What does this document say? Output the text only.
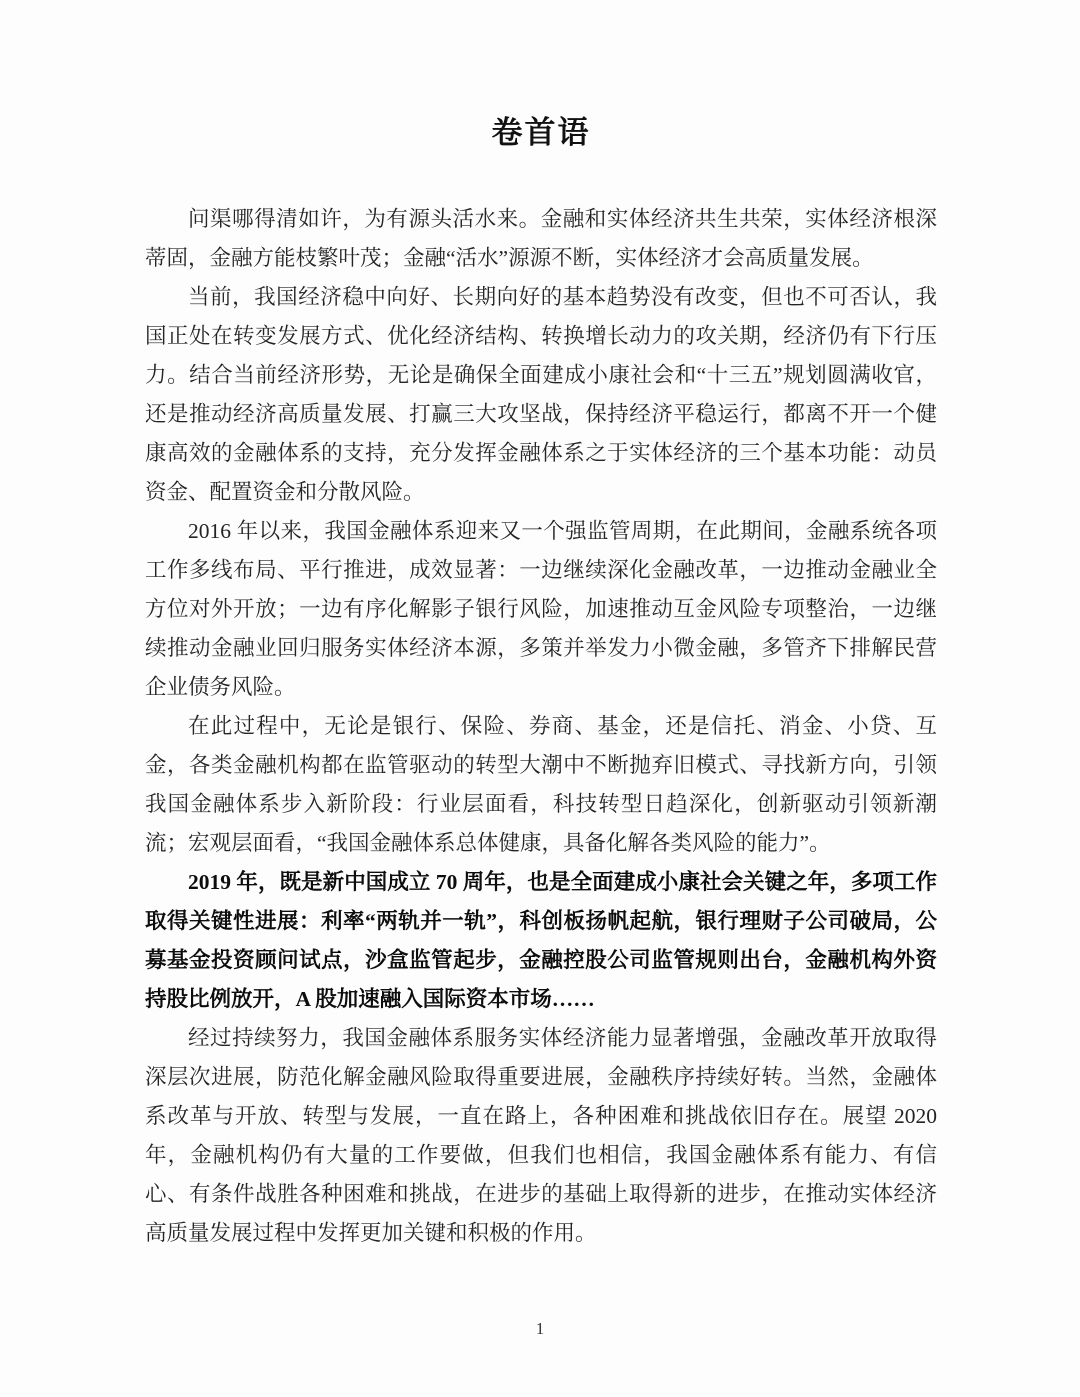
卷首语

问渠哪得清如许，为有源头活水来。金融和实体经济共生共荣，实体经济根深蒂固，金融方能枝繁叶茂；金融“活水”源源不断，实体经济才会高质量发展。

当前，我国经济稳中向好、长期向好的基本趋势没有改变，但也不可否认，我国正处在转变发展方式、优化经济结构、转换增长动力的攻关期，经济仍有下行压力。结合当前经济形势，无论是确保全面建成小康社会和“十三五”规划圆满收官，还是推动经济高质量发展、打赢三大攻坚战，保持经济平稳运行，都离不开一个健康高效的金融体系的支持，充分发挥金融体系之于实体经济的三个基本功能：动员资金、配置资金和分散风险。

2016 年以来，我国金融体系迎来又一个强监管周期，在此期间，金融系统各项工作多线布局、平行推进，成效显著：一边继续深化金融改革，一边推动金融业全方位对外开放；一边有序化解影子银行风险，加速推动互金风险专项整治，一边继续推动金融业回归服务实体经济本源，多策并举发力小微金融，多管齐下排解民营企业债务风险。

在此过程中，无论是银行、保险、券商、基金，还是信托、消金、小贷、互金，各类金融机构都在监管驱动的转型大潮中不断抛弃旧模式、寻找新方向，引领我国金融体系步入新阶段：行业层面看，科技转型日趋深化，创新驱动引领新潮流；宏观层面看，“我国金融体系总体健康，具备化解各类风险的能力”。

2019 年，既是新中国成立 70 周年，也是全面建成小康社会关键之年，多项工作取得关键性进展：利率“两轨并一轨”，科创板扬帆起航，银行理财子公司破局，公募基金投资顾问试点，沙盒监管起步，金融控股公司监管规则出台，金融机构外资持股比例放开，A 股加速融入国际资本市场……

经过持续努力，我国金融体系服务实体经济能力显著增强，金融改革开放取得深层次进展，防范化解金融风险取得重要进展，金融秩序持续好转。当然，金融体系改革与开放、转型与发展，一直在路上，各种困难和挑战依旧存在。展望 2020 年，金融机构仍有大量的工作要做，但我们也相信，我国金融体系有能力、有信心、有条件战胜各种困难和挑战，在进步的基础上取得新的进步，在推动实体经济高质量发展过程中发挥更加关键和积极的作用。

1
